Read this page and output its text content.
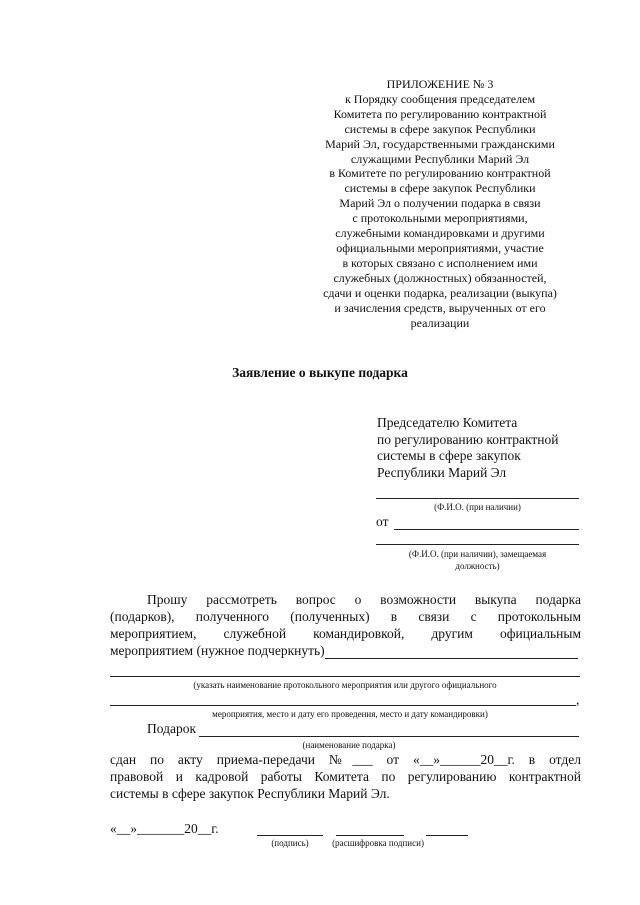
ПРИЛОЖЕНИЕ № 3
к Порядку сообщения председателем
Комитета по регулированию контрактной
системы в сфере закупок Республики
Марий Эл, государственными гражданскими
служащими Республики Марий Эл
в Комитете по регулированию контрактной
системы в сфере закупок Республики
Марий Эл о получении подарка в связи
с протокольными мероприятиями,
служебными командировками и другими
официальными мероприятиями, участие
в которых связано с исполнением ими
служебных (должностных) обязанностей,
сдачи и оценки подарка, реализации (выкупа)
и зачисления средств, вырученных от его
реализации
Заявление о выкупе подарка
Председателю Комитета
по регулированию контрактной
системы в сфере закупок
Республики Марий Эл
(Ф.И.О. (при наличии)
от
(Ф.И.О. (при наличии), замещаемая
должность)
Прошу рассмотреть вопрос о возможности выкупа подарка
(подарков), полученного (полученных) в связи с протокольным
мероприятием, служебной командировкой, другим официальным
мероприятием (нужное подчеркнуть)
(указать наименование протокольного мероприятия или другого официального
,
мероприятия, место и дату его проведения, место и дату командировки)
Подарок
(наименование подарка)
сдан по акту приема-передачи №___ от «__»______20__г. в отдел
правовой и кадровой работы Комитета по регулированию контрактной
системы в сфере закупок Республики Марий Эл.
«__»_______20__г.
(подпись)	(расшифровка подписи)
